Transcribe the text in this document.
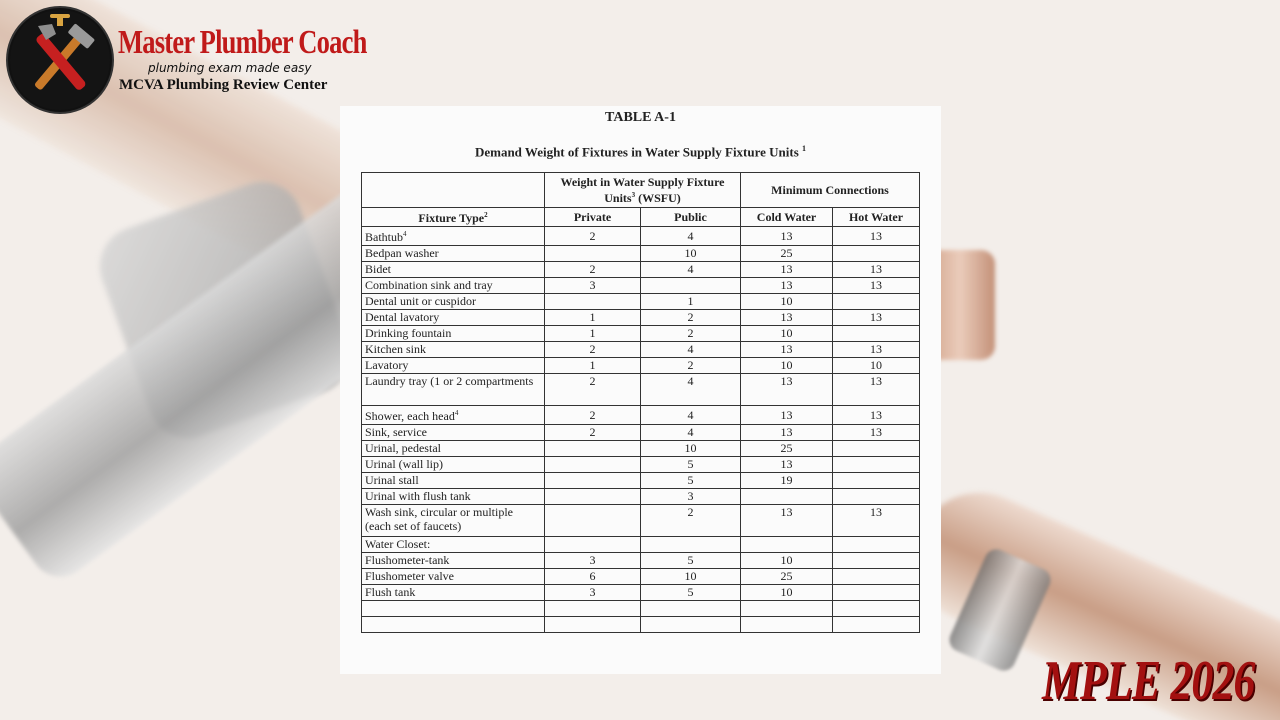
Master Plumber Coach
plumbing exam made easy
MCVA Plumbing Review Center
TABLE A-1
Demand Weight of Fixtures in Water Supply Fixture Units $^1$
	Weight in Water Supply Fixture Units$^3$ (WSFU)		Minimum Connections	
Fixture Type$^2$	Private	Public	Cold Water	Hot Water
Bathtub$^4$	2	4	13	13
Bedpan washer		10	25	
Bidet	2	4	13	13
Combination sink and tray	3		13	13
Dental unit or cuspidor		1	10	
Dental lavatory	1	2	13	13
Drinking fountain	1	2	10	
Kitchen sink	2	4	13	13
Lavatory	1	2	10	10
Laundry tray (1 or 2 compartments	2	4	13	13
Shower, each head$^4$	2	4	13	13
Sink, service	2	4	13	13
Urinal, pedestal		10	25	
Urinal (wall lip)		5	13	
Urinal stall		5	19	
Urinal with flush tank		3		
Wash sink, circular or multiple (each set of faucets)		2	13	13
Water Closet:				
Flushometer-tank	3	5	10	
Flushometer valve	6	10	25	
Flush tank	3	5	10	

MPLE 2026
